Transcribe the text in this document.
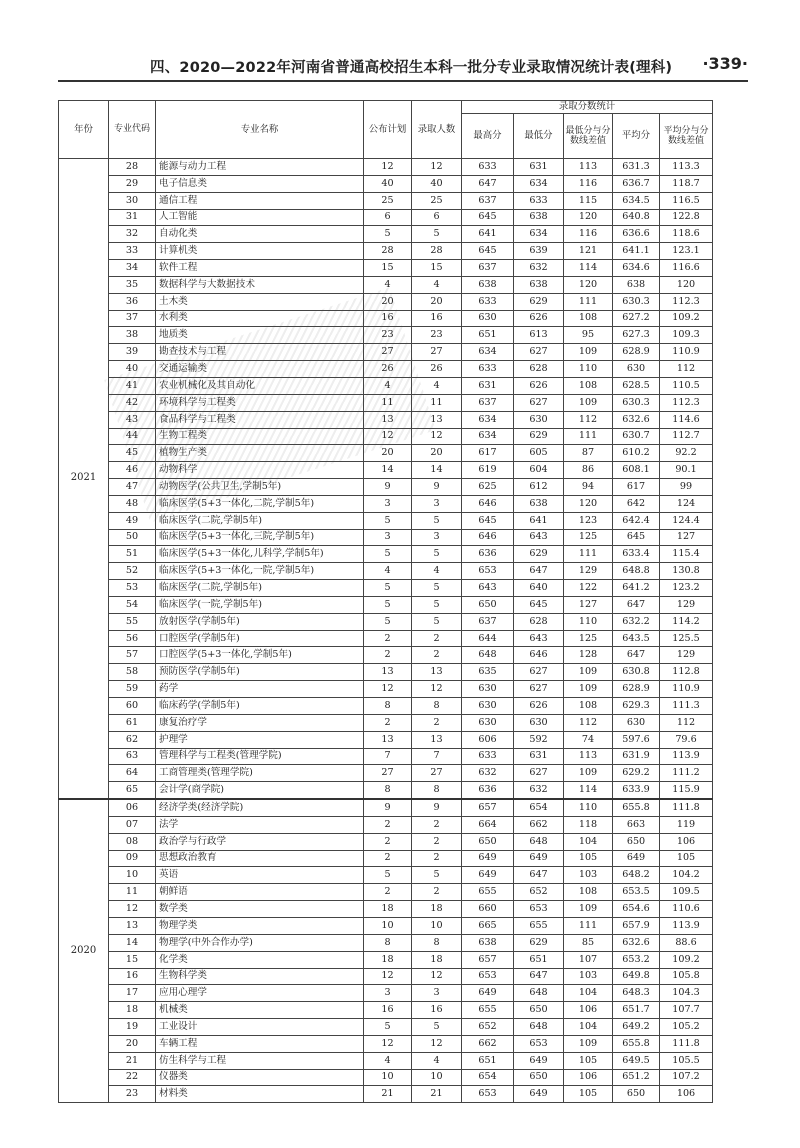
四、2020—2022年河南省普通高校招生本科一批分专业录取情况统计表(理科) ·339·
年份	专业代码	专业名称	公布计划	录取人数	录取分数统计				
					最高分	最低分	最低分与分数线差值	平均分	平均分与分数线差值
2021	28	能源与动力工程	12	12	633	631	113	631.3	113.3
	29	电子信息类	40	40	647	634	116	636.7	118.7
	30	通信工程	25	25	637	633	115	634.5	116.5
	31	人工智能	6	6	645	638	120	640.8	122.8
	32	自动化类	5	5	641	634	116	636.6	118.6
	33	计算机类	28	28	645	639	121	641.1	123.1
	34	软件工程	15	15	637	632	114	634.6	116.6
	35	数据科学与大数据技术	4	4	638	638	120	638	120
	36	土木类	20	20	633	629	111	630.3	112.3
	37	水利类	16	16	630	626	108	627.2	109.2
	38	地质类	23	23	651	613	95	627.3	109.3
	39	勘查技术与工程	27	27	634	627	109	628.9	110.9
	40	交通运输类	26	26	633	628	110	630	112
	41	农业机械化及其自动化	4	4	631	626	108	628.5	110.5
	42	环境科学与工程类	11	11	637	627	109	630.3	112.3
	43	食品科学与工程类	13	13	634	630	112	632.6	114.6
	44	生物工程类	12	12	634	629	111	630.7	112.7
	45	植物生产类	20	20	617	605	87	610.2	92.2
	46	动物科学	14	14	619	604	86	608.1	90.1
	47	动物医学(公共卫生,学制5年)	9	9	625	612	94	617	99
	48	临床医学(5+3一体化,二院,学制5年)	3	3	646	638	120	642	124
	49	临床医学(二院,学制5年)	5	5	645	641	123	642.4	124.4
	50	临床医学(5+3一体化,三院,学制5年)	3	3	646	643	125	645	127
	51	临床医学(5+3一体化,儿科学,学制5年)	5	5	636	629	111	633.4	115.4
	52	临床医学(5+3一体化,一院,学制5年)	4	4	653	647	129	648.8	130.8
	53	临床医学(二院,学制5年)	5	5	643	640	122	641.2	123.2
	54	临床医学(一院,学制5年)	5	5	650	645	127	647	129
	55	放射医学(学制5年)	5	5	637	628	110	632.2	114.2
	56	口腔医学(学制5年)	2	2	644	643	125	643.5	125.5
	57	口腔医学(5+3一体化,学制5年)	2	2	648	646	128	647	129
	58	预防医学(学制5年)	13	13	635	627	109	630.8	112.8
	59	药学	12	12	630	627	109	628.9	110.9
	60	临床药学(学制5年)	8	8	630	626	108	629.3	111.3
	61	康复治疗学	2	2	630	630	112	630	112
	62	护理学	13	13	606	592	74	597.6	79.6
	63	管理科学与工程类(管理学院)	7	7	633	631	113	631.9	113.9
	64	工商管理类(管理学院)	27	27	632	627	109	629.2	111.2
	65	会计学(商学院)	8	8	636	632	114	633.9	115.9
2020	06	经济学类(经济学院)	9	9	657	654	110	655.8	111.8
	07	法学	2	2	664	662	118	663	119
	08	政治学与行政学	2	2	650	648	104	650	106
	09	思想政治教育	2	2	649	649	105	649	105
	10	英语	5	5	649	647	103	648.2	104.2
	11	朝鲜语	2	2	655	652	108	653.5	109.5
	12	数学类	18	18	660	653	109	654.6	110.6
	13	物理学类	10	10	665	655	111	657.9	113.9
	14	物理学(中外合作办学)	8	8	638	629	85	632.6	88.6
	15	化学类	18	18	657	651	107	653.2	109.2
	16	生物科学类	12	12	653	647	103	649.8	105.8
	17	应用心理学	3	3	649	648	104	648.3	104.3
	18	机械类	16	16	655	650	106	651.7	107.7
	19	工业设计	5	5	652	648	104	649.2	105.2
	20	车辆工程	12	12	662	653	109	655.8	111.8
	21	仿生科学与工程	4	4	651	649	105	649.5	105.5
	22	仪器类	10	10	654	650	106	651.2	107.2
	23	材料类	21	21	653	649	105	650	106
